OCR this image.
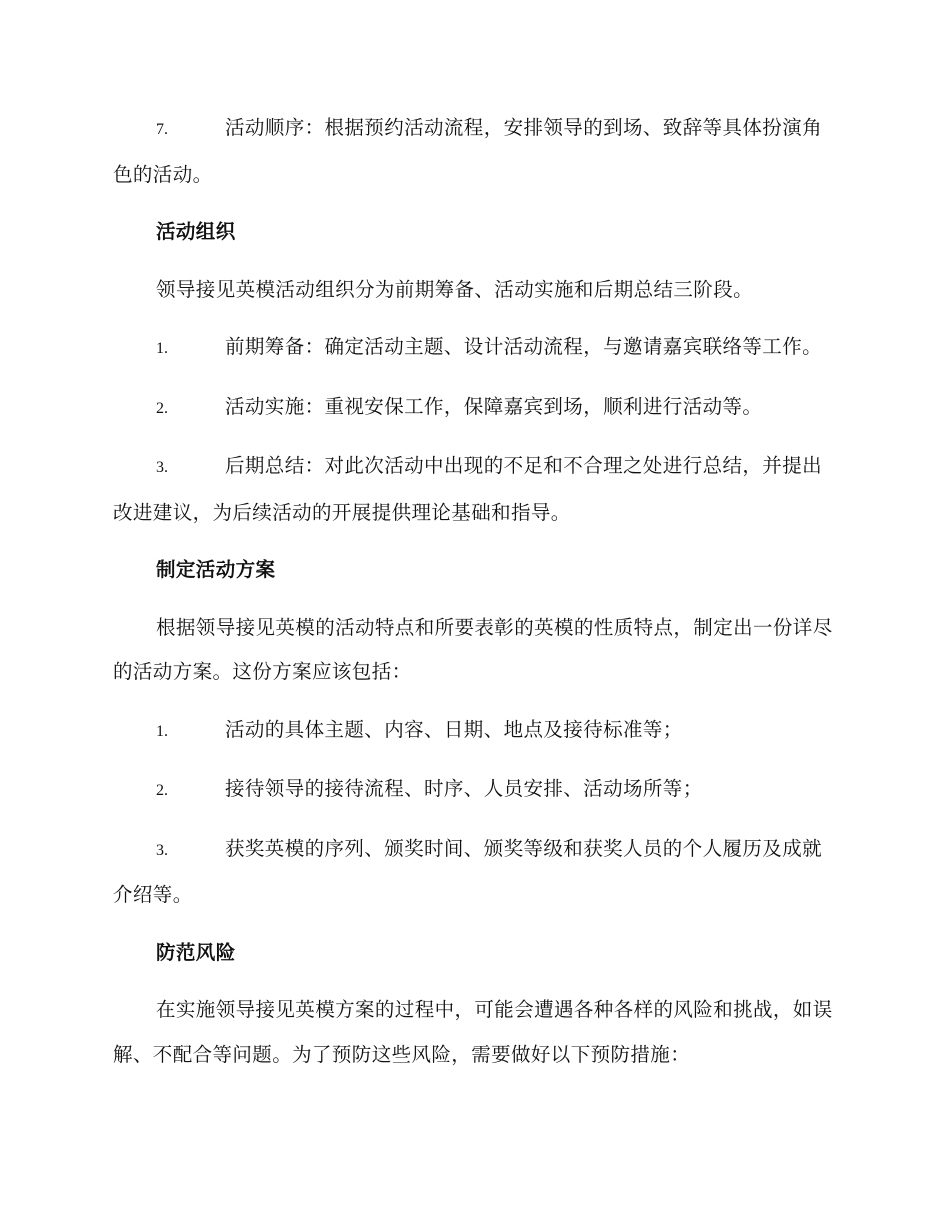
7.	活动顺序：根据预约活动流程，安排领导的到场、致辞等具体扮演角色的活动。

活动组织

领导接见英模活动组织分为前期筹备、活动实施和后期总结三阶段。

1.	前期筹备：确定活动主题、设计活动流程，与邀请嘉宾联络等工作。

2.	活动实施：重视安保工作，保障嘉宾到场，顺利进行活动等。

3.	后期总结：对此次活动中出现的不足和不合理之处进行总结，并提出改进建议，为后续活动的开展提供理论基础和指导。

制定活动方案

根据领导接见英模的活动特点和所要表彰的英模的性质特点，制定出一份详尽的活动方案。这份方案应该包括：

1.	活动的具体主题、内容、日期、地点及接待标准等；

2.	接待领导的接待流程、时序、人员安排、活动场所等；

3.	获奖英模的序列、颁奖时间、颁奖等级和获奖人员的个人履历及成就介绍等。

防范风险

在实施领导接见英模方案的过程中，可能会遭遇各种各样的风险和挑战，如误解、不配合等问题。为了预防这些风险，需要做好以下预防措施：
